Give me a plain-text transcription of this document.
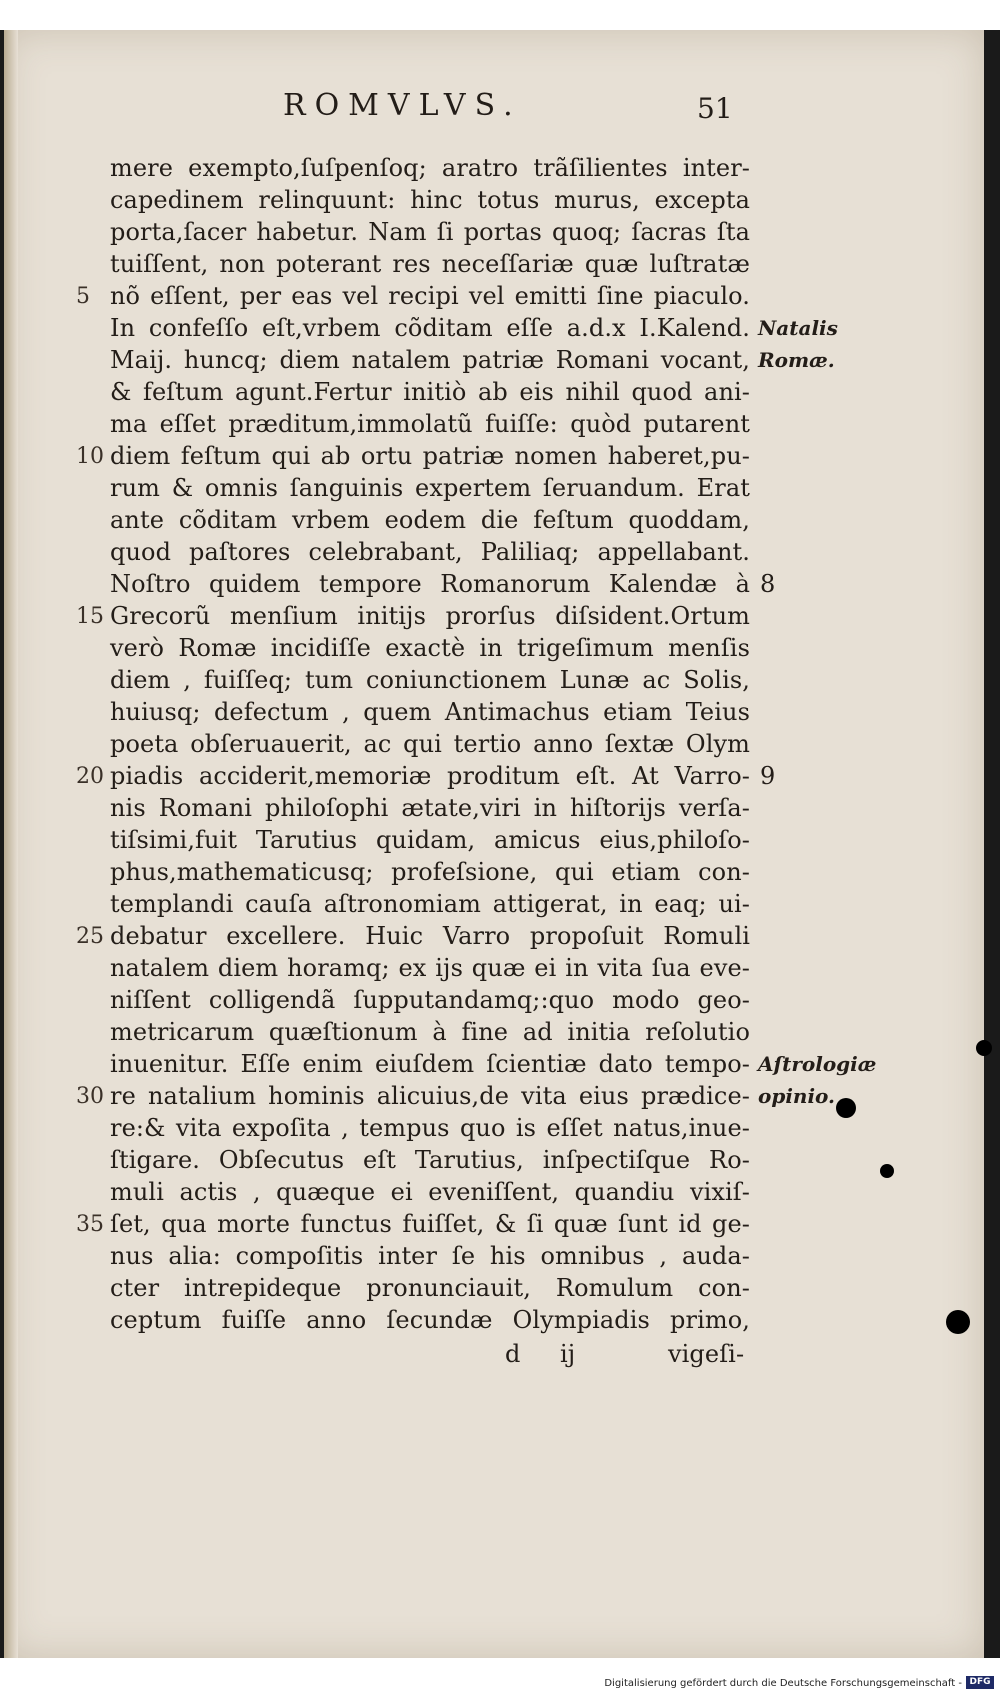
ROMVLVS.	51
mere exempto,ſuſpenſoq; aratro trãſilientes inter-
capedinem relinquunt: hinc totus murus, excepta
porta,ſacer habetur. Nam ſi portas quoq; ſacras ſta
tuiſſent, non poterant res neceſſariæ quæ luſtratæ
nõ eſſent, per eas vel recipi vel emitti ſine piaculo.
In confeſſo eſt,vrbem cõditam eſſe a.d.x I.Kalend.
Maij. huncq; diem natalem patriæ Romani vocant,
& feſtum agunt.Fertur initiò ab eis nihil quod ani-
ma eſſet præditum,immolatũ fuiſſe: quòd putarent
diem feſtum qui ab ortu patriæ nomen haberet,pu-
rum & omnis ſanguinis expertem ſeruandum. Erat
ante cõditam vrbem eodem die feſtum quoddam,
quod paſtores celebrabant, Paliliaq; appellabant.
Noſtro quidem tempore Romanorum Kalendæ à
Grecorũ menſium initijs prorſus diſsident.Ortum
verò Romæ incidiſſe exactè in trigeſimum menſis
diem , fuiſſeq; tum coniunctionem Lunæ ac Solis,
huiusq; defectum , quem Antimachus etiam Teius
poeta obſeruauerit, ac qui tertio anno ſextæ Olym
piadis acciderit,memoriæ proditum eſt. At Varro-
nis Romani philoſophi ætate,viri in hiſtorijs verſa-
tiſsimi,fuit Tarutius quidam, amicus eius,philoſo-
phus,mathematicusq; profeſsione, qui etiam con-
templandi cauſa aſtronomiam attigerat, in eaq; ui-
debatur excellere. Huic Varro propoſuit Romuli
natalem diem horamq; ex ijs quæ ei in vita ſua eve-
niſſent colligendã ſupputandamq;:quo modo geo-
metricarum quæſtionum à fine ad initia reſolutio
inuenitur. Eſſe enim eiuſdem ſcientiæ dato tempo-
re natalium hominis alicuius,de vita eius prædice-
re:& vita expoſita , tempus quo is eſſet natus,inue-
ſtigare. Obſecutus eſt Tarutius, inſpectiſque Ro-
muli actis , quæque ei eveniſſent, quandiu vixiſ-
ſet, qua morte functus fuiſſet, & ſi quæ ſunt id ge-
nus alia: compoſitis inter ſe his omnibus , auda-
cter intrepideque pronunciauit, Romulum con-
ceptum fuiſſe anno ſecundæ Olympiadis primo,
d	ij	vigeſi-
5
10
15
20
25
30
35
Natalis
Romæ.
Aſtrologiæ
opinio.
8
9
Digitalisierung gefördert durch die Deutsche Forschungsgemeinschaft - DFG
